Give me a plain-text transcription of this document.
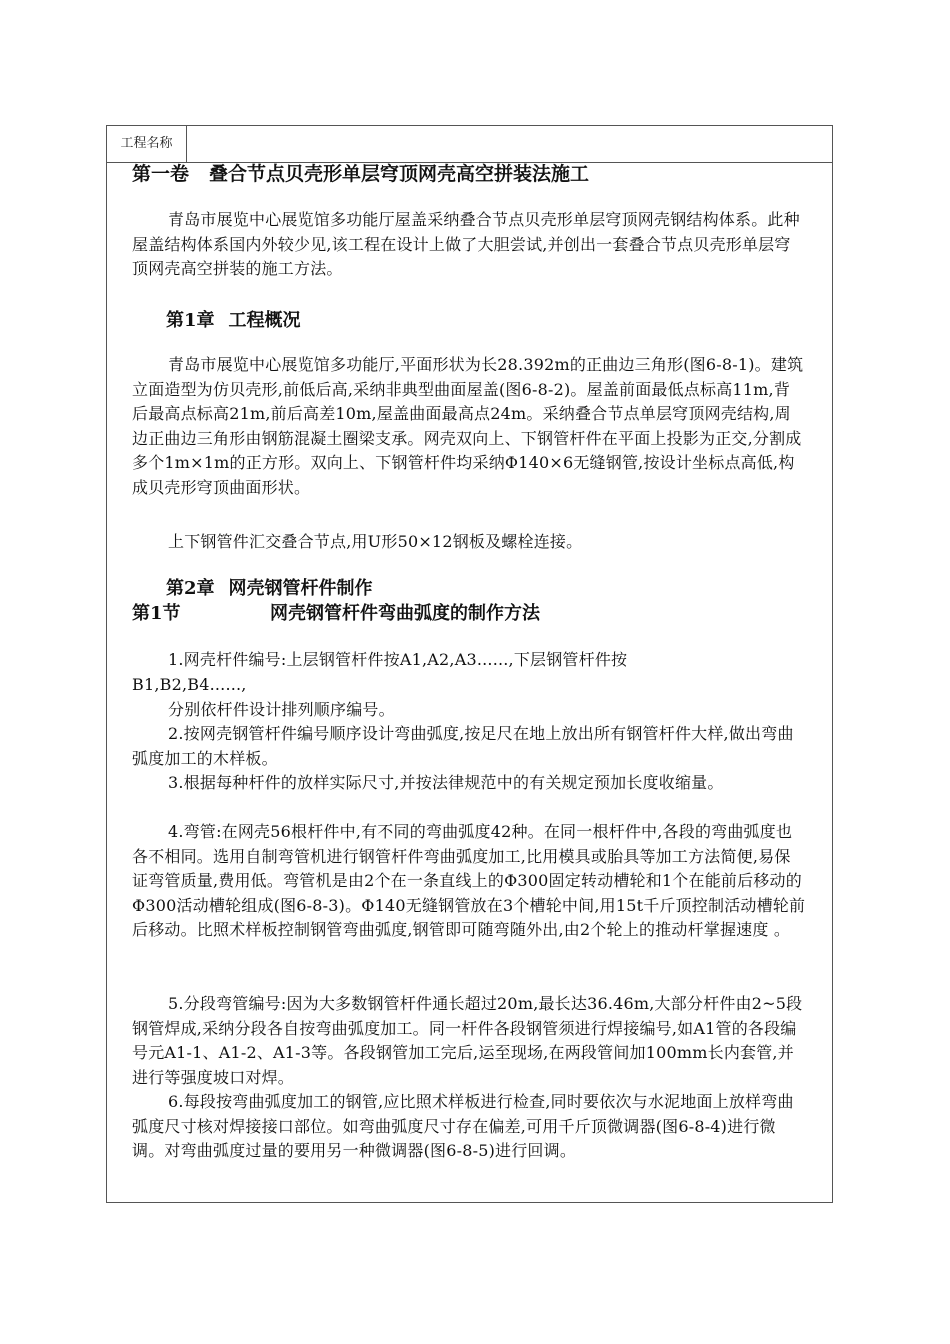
工程名称
第一卷 叠合节点贝壳形单层穹顶网壳高空拼装法施工
青岛市展览中心展览馆多功能厅屋盖采纳叠合节点贝壳形单层穹顶网壳钢结构体系。此种屋盖结构体系国内外较少见,该工程在设计上做了大胆尝试,并创出一套叠合节点贝壳形单层穹顶网壳高空拼装的施工方法。
第1章 工程概况
青岛市展览中心展览馆多功能厅,平面形状为长28.392m的正曲边三角形(图6-8-1)。建筑立面造型为仿贝壳形,前低后高,采纳非典型曲面屋盖(图6-8-2)。屋盖前面最低点标高11m,背后最高点标高21m,前后高差10m,屋盖曲面最高点24m。采纳叠合节点单层穹顶网壳结构,周边正曲边三角形由钢筋混凝土圈梁支承。网壳双向上、下钢管杆件在平面上投影为正交,分割成多个1m×1m的正方形。双向上、下钢管杆件均采纳Φ140×6无缝钢管,按设计坐标点高低,构成贝壳形穹顶曲面形状。
上下钢管件汇交叠合节点,用U形50×12钢板及螺栓连接。
第2章 网壳钢管杆件制作
第1节	网壳钢管杆件弯曲弧度的制作方法
1.网壳杆件编号:上层钢管杆件按A1,A2,A3......,下层钢管杆件按
B1,B2,B4......,
分别依杆件设计排列顺序编号。
2.按网壳钢管杆件编号顺序设计弯曲弧度,按足尺在地上放出所有钢管杆件大样,做出弯曲弧度加工的木样板。
3.根据每种杆件的放样实际尺寸,并按法律规范中的有关规定预加长度收缩量。
4.弯管:在网壳56根杆件中,有不同的弯曲弧度42种。在同一根杆件中,各段的弯曲弧度也各不相同。选用自制弯管机进行钢管杆件弯曲弧度加工,比用模具或胎具等加工方法简便,易保证弯管质量,费用低。弯管机是由2个在一条直线上的Φ300固定转动槽轮和1个在能前后移动的Φ300活动槽轮组成(图6-8-3)。Φ140无缝钢管放在3个槽轮中间,用15t千斤顶控制活动槽轮前后移动。比照术样板控制钢管弯曲弧度,钢管即可随弯随外出,由2个轮上的推动杆掌握速度 。
5.分段弯管编号:因为大多数钢管杆件通长超过20m,最长达36.46m,大部分杆件由2~5段钢管焊成,采纳分段各自按弯曲弧度加工。同一杆件各段钢管须进行焊接编号,如A1管的各段编号元A1-1、A1-2、A1-3等。各段钢管加工完后,运至现场,在两段管间加100mm长内套管,并进行等强度坡口对焊。
6.每段按弯曲弧度加工的钢管,应比照术样板进行检查,同时要依次与水泥地面上放样弯曲弧度尺寸核对焊接接口部位。如弯曲弧度尺寸存在偏差,可用千斤顶微调器(图6-8-4)进行微调。对弯曲弧度过量的要用另一种微调器(图6-8-5)进行回调。
